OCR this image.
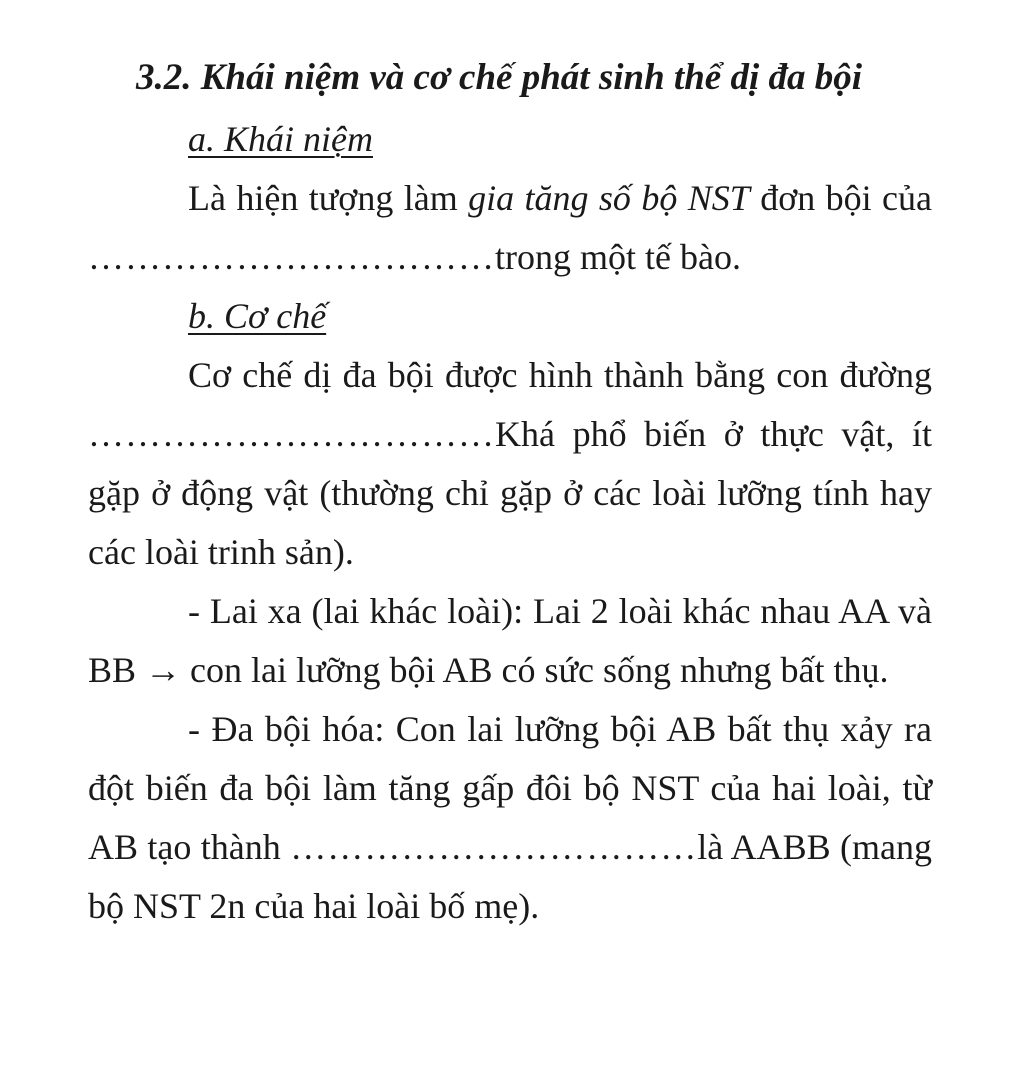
3.2. Khái niệm và cơ chế phát sinh thể dị đa bội
a. Khái niệm
Là hiện tượng làm gia tăng số bộ NST đơn bội của ……………………………trong một tế bào.
b. Cơ chế
Cơ chế dị đa bội được hình thành bằng con đường ……………………………Khá phổ biến ở thực vật, ít gặp ở động vật (thường chỉ gặp ở các loài lưỡng tính hay các loài trinh sản).
- Lai xa (lai khác loài): Lai 2 loài khác nhau AA và BB → con lai lưỡng bội AB có sức sống nhưng bất thụ.
- Đa bội hóa: Con lai lưỡng bội AB bất thụ xảy ra đột biến đa bội làm tăng gấp đôi bộ NST của hai loài, từ AB tạo thành ……………………………là AABB (mang bộ NST 2n của hai loài bố mẹ).
